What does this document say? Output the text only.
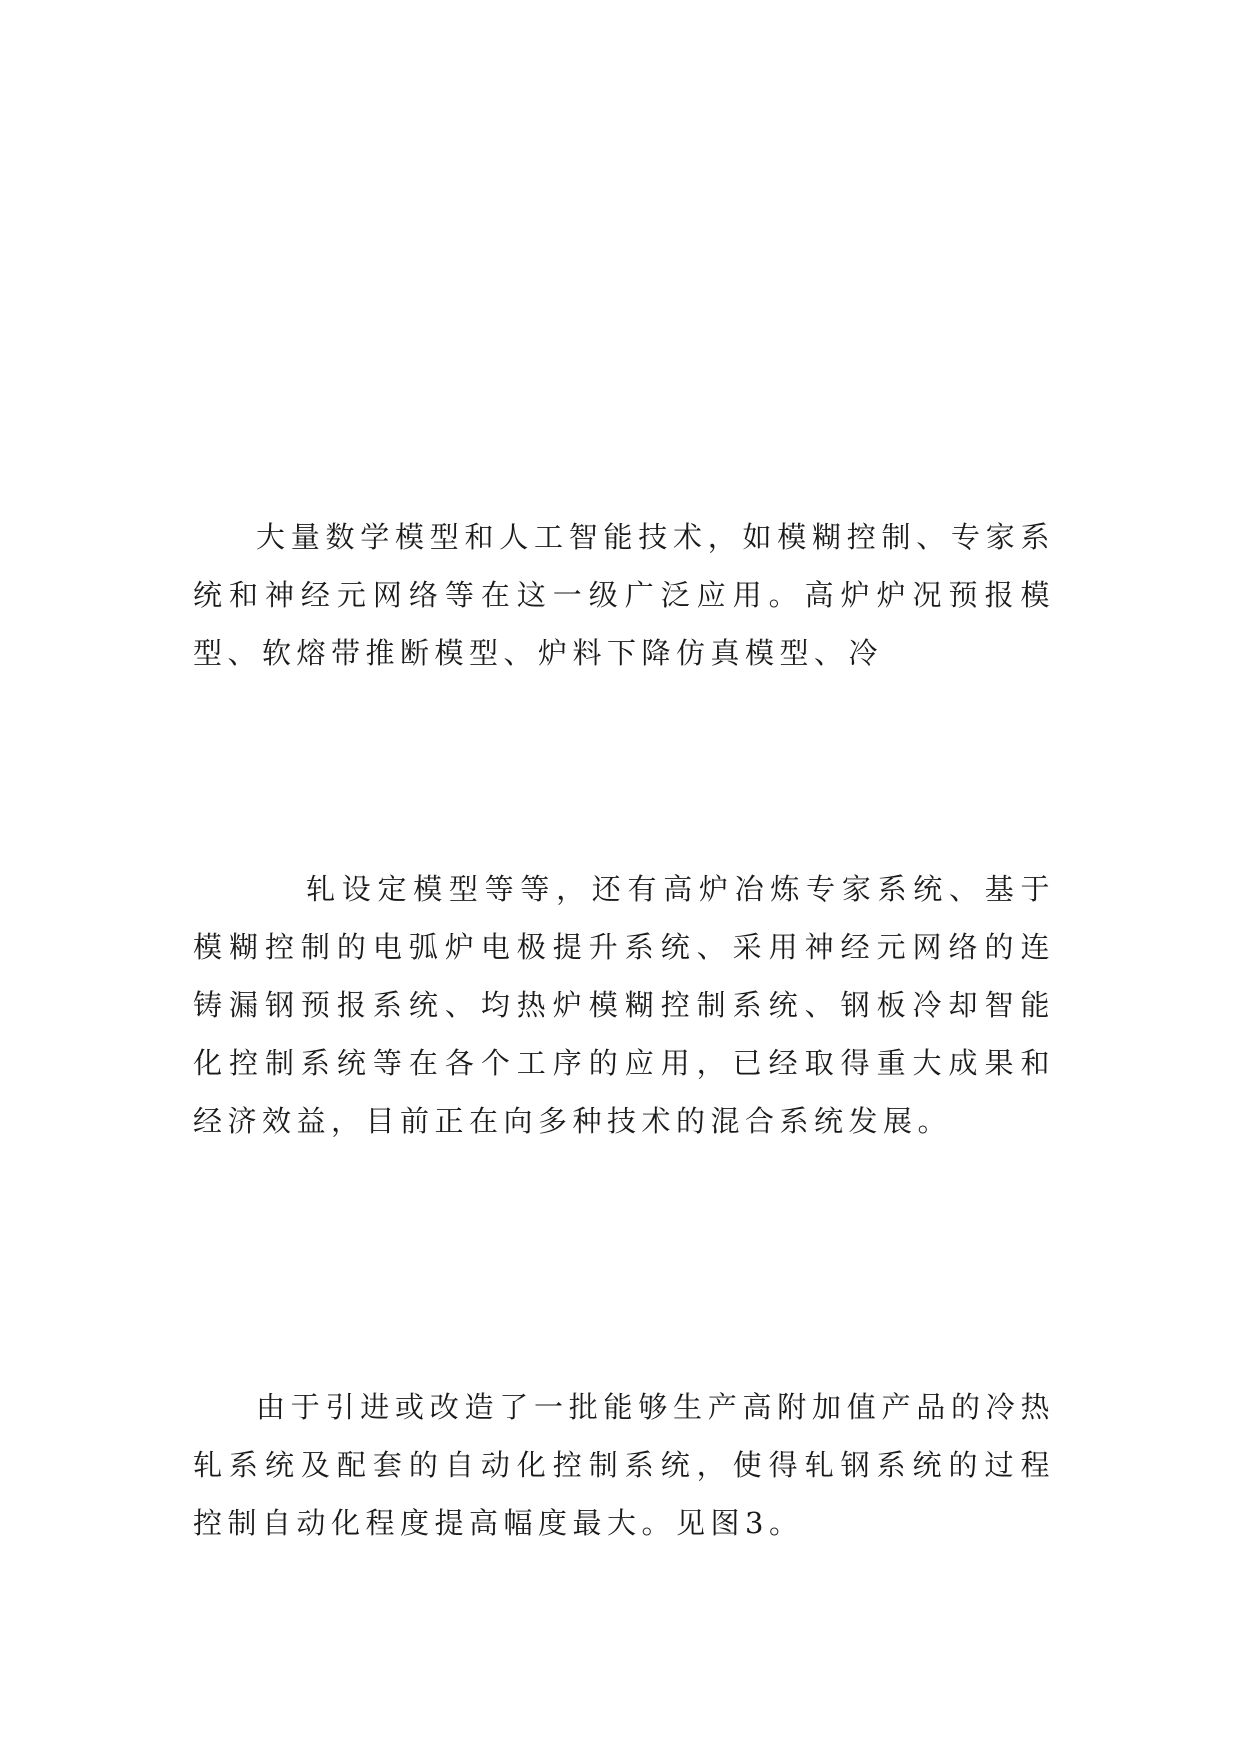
大量数学模型和人工智能技术，如模糊控制、专家系统和神经元网络等在这一级广泛应用。高炉炉况预报模型、软熔带推断模型、炉料下降仿真模型、冷

轧设定模型等等，还有高炉冶炼专家系统、基于模糊控制的电弧炉电极提升系统、采用神经元网络的连铸漏钢预报系统、均热炉模糊控制系统、钢板冷却智能化控制系统等在各个工序的应用，已经取得重大成果和经济效益，目前正在向多种技术的混合系统发展。

由于引进或改造了一批能够生产高附加值产品的冷热轧系统及配套的自动化控制系统，使得轧钢系统的过程控制自动化程度提高幅度最大。见图3。
